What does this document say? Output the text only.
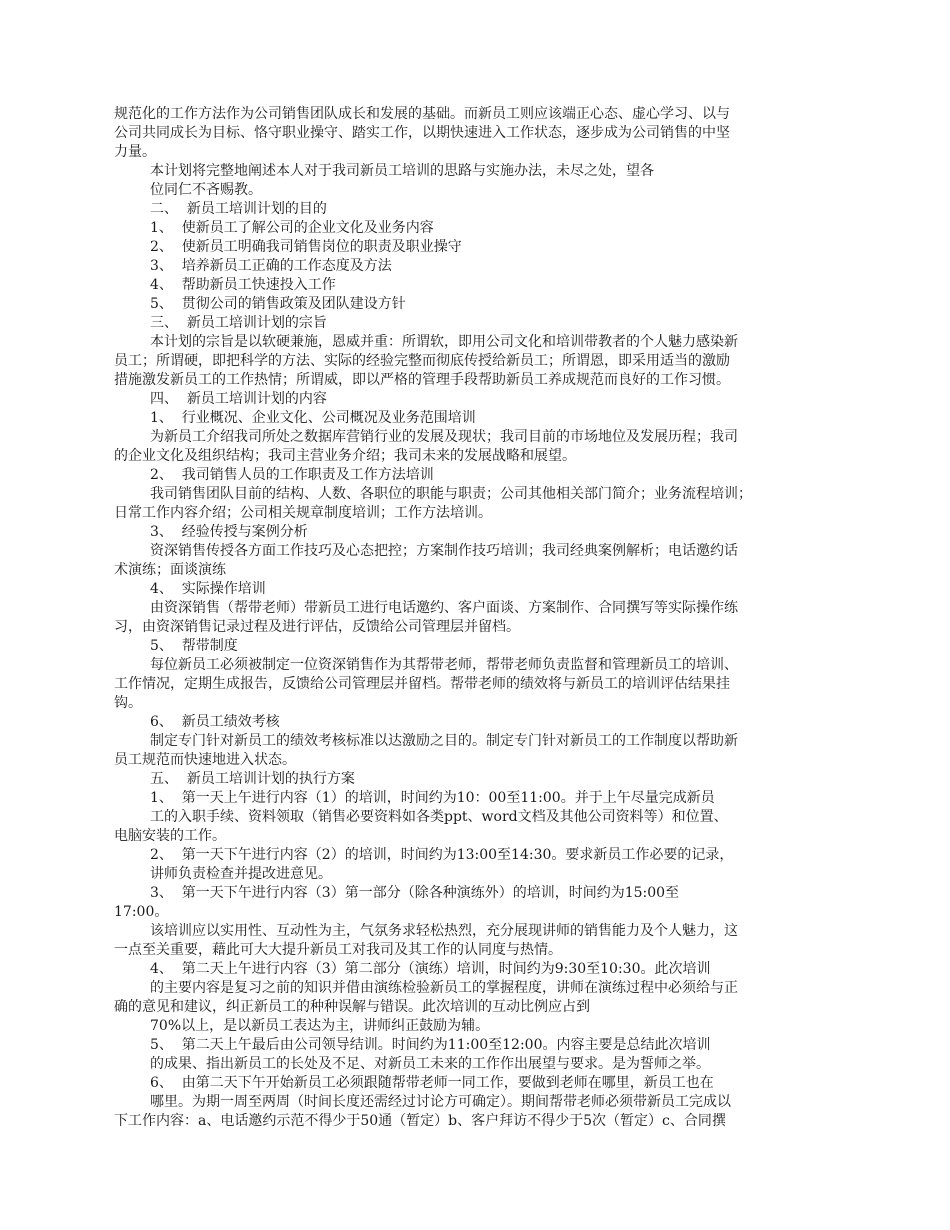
规范化的工作方法作为公司销售团队成长和发展的基础。而新员工则应该端正心态、虚心学习、以与
公司共同成长为目标、恪守职业操守、踏实工作，以期快速进入工作状态，逐步成为公司销售的中坚
力量。
本计划将完整地阐述本人对于我司新员工培训的思路与实施办法，未尽之处，望各
位同仁不吝赐教。
二、  新员工培训计划的目的
1、  使新员工了解公司的企业文化及业务内容
2、  使新员工明确我司销售岗位的职责及职业操守
3、  培养新员工正确的工作态度及方法
4、  帮助新员工快速投入工作
5、  贯彻公司的销售政策及团队建设方针
三、  新员工培训计划的宗旨
本计划的宗旨是以软硬兼施，恩威并重：所谓软，即用公司文化和培训带教者的个人魅力感染新
员工；所谓硬，即把科学的方法、实际的经验完整而彻底传授给新员工；所谓恩，即采用适当的激励
措施激发新员工的工作热情；所谓威，即以严格的管理手段帮助新员工养成规范而良好的工作习惯。
四、  新员工培训计划的内容
1、  行业概况、企业文化、公司概况及业务范围培训
为新员工介绍我司所处之数据库营销行业的发展及现状；我司目前的市场地位及发展历程；我司
的企业文化及组织结构；我司主营业务介绍；我司未来的发展战略和展望。
2、  我司销售人员的工作职责及工作方法培训
我司销售团队目前的结构、人数、各职位的职能与职责；公司其他相关部门简介；业务流程培训；
日常工作内容介绍；公司相关规章制度培训；工作方法培训。
3、  经验传授与案例分析
资深销售传授各方面工作技巧及心态把控；方案制作技巧培训；我司经典案例解析；电话邀约话
术演练；面谈演练
4、  实际操作培训
由资深销售（帮带老师）带新员工进行电话邀约、客户面谈、方案制作、合同撰写等实际操作练
习，由资深销售记录过程及进行评估，反馈给公司管理层并留档。
5、  帮带制度
每位新员工必须被制定一位资深销售作为其帮带老师，帮带老师负责监督和管理新员工的培训、
工作情况，定期生成报告，反馈给公司管理层并留档。帮带老师的绩效将与新员工的培训评估结果挂
钩。
6、  新员工绩效考核
制定专门针对新员工的绩效考核标准以达激励之目的。制定专门针对新员工的工作制度以帮助新
员工规范而快速地进入状态。
五、  新员工培训计划的执行方案
1、  第一天上午进行内容（1）的培训，时间约为10：00至11:00。并于上午尽量完成新员
工的入职手续、资料领取（销售必要资料如各类ppt、word文档及其他公司资料等）和位置、
电脑安装的工作。
2、  第一天下午进行内容（2）的培训，时间约为13:00至14:30。要求新员工作必要的记录，
讲师负责检查并提改进意见。
3、  第一天下午进行内容（3）第一部分（除各种演练外）的培训，时间约为15:00至
17:00。
该培训应以实用性、互动性为主，气氛务求轻松热烈，充分展现讲师的销售能力及个人魅力，这
一点至关重要，藉此可大大提升新员工对我司及其工作的认同度与热情。
4、  第二天上午进行内容（3）第二部分（演练）培训，时间约为9:30至10:30。此次培训
的主要内容是复习之前的知识并借由演练检验新员工的掌握程度，讲师在演练过程中必须给与正
确的意见和建议，纠正新员工的种种误解与错误。此次培训的互动比例应占到
70%以上，是以新员工表达为主，讲师纠正鼓励为辅。
5、  第二天上午最后由公司领导结训。时间约为11:00至12:00。内容主要是总结此次培训
的成果、指出新员工的长处及不足、对新员工未来的工作作出展望与要求。是为誓师之举。
6、  由第二天下午开始新员工必须跟随帮带老师一同工作，要做到老师在哪里，新员工也在
哪里。为期一周至两周（时间长度还需经过讨论方可确定）。期间帮带老师必须带新员工完成以
下工作内容：a、电话邀约示范不得少于50通（暂定）b、客户拜访不得少于5次（暂定）c、合同撰
